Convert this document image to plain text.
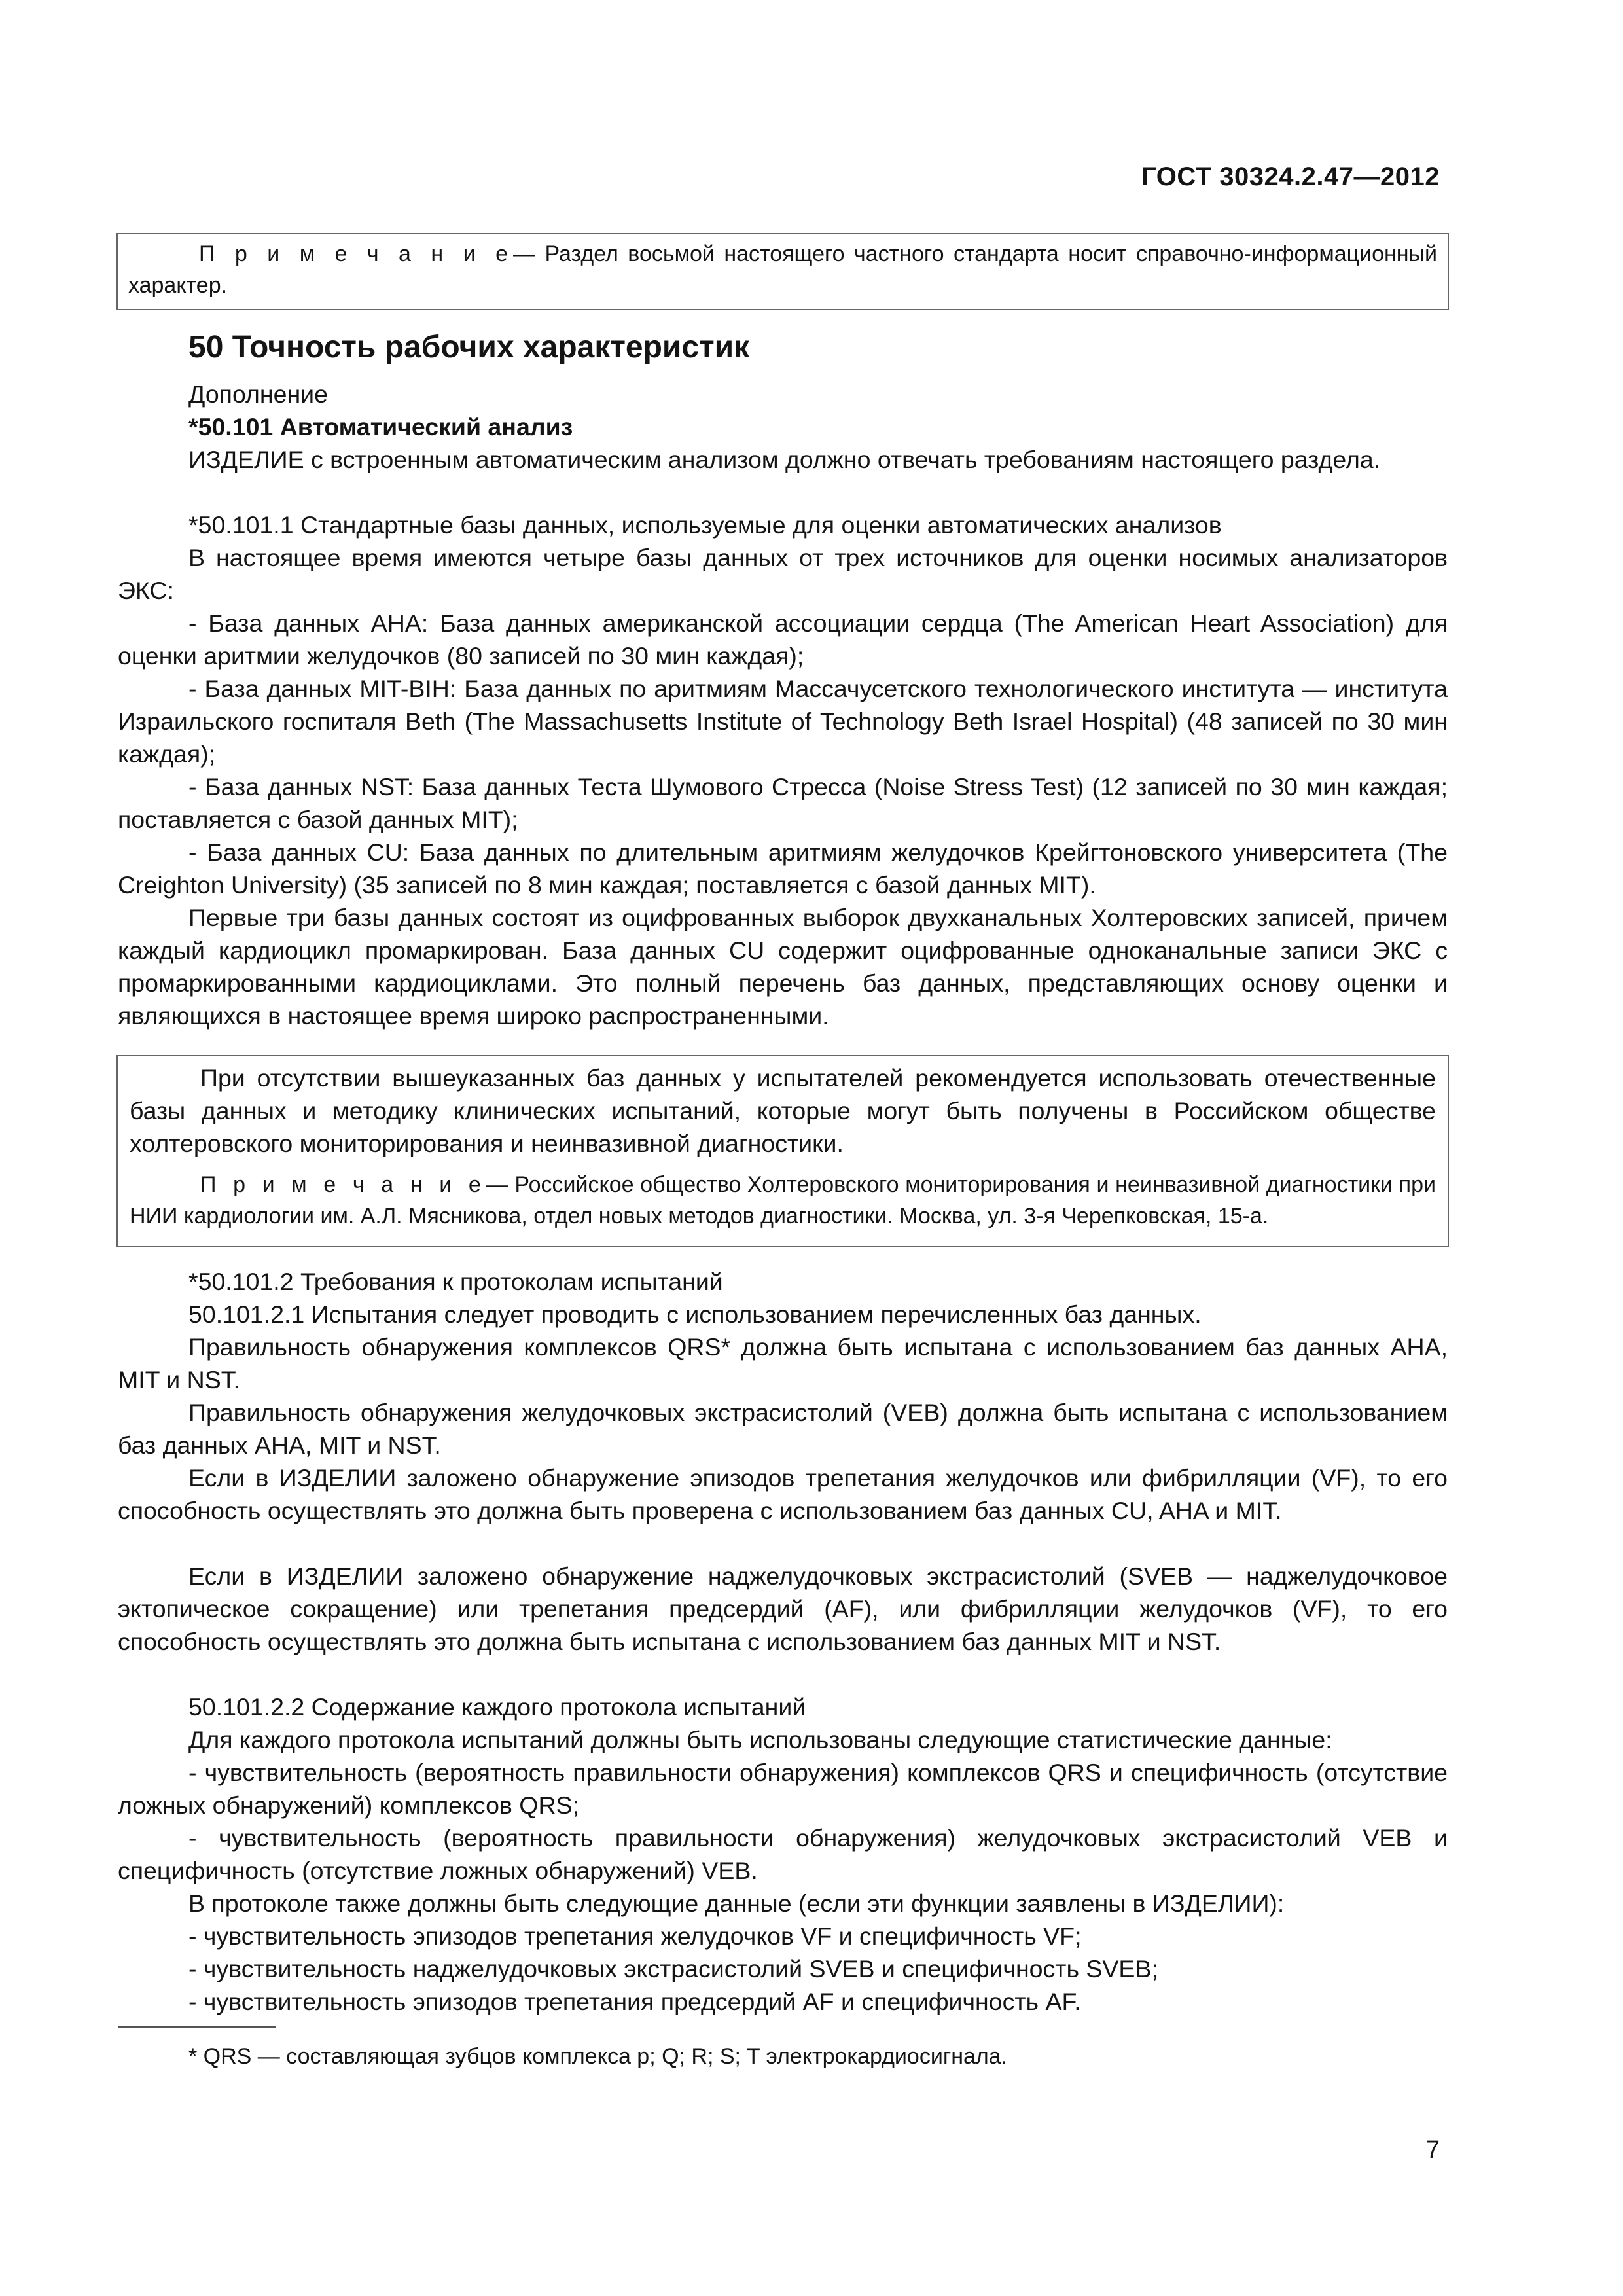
ГОСТ 30324.2.47—2012

П р и м е ч а н и е— Раздел восьмой настоящего частного стандарта носит справочно-информационный характер.

50 Точность рабочих характеристик

Дополнение

*50.101 Автоматический анализ

ИЗДЕЛИЕ с встроенным автоматическим анализом должно отвечать требованиям настоящего раздела.

*50.101.1 Стандартные базы данных, используемые для оценки автоматических анализов

В настоящее время имеются четыре базы данных от трех источников для оценки носимых анализаторов ЭКС:

- База данных AHA: База данных американской ассоциации сердца (The American Heart Association) для оценки аритмии желудочков (80 записей по 30 мин каждая);

- База данных MIT-BIH: База данных по аритмиям Массачусетского технологического института — института Израильского госпиталя Beth (The Massachusetts Institute of Technology Beth Israel Hospital) (48 записей по 30 мин каждая);

- База данных NST: База данных Теста Шумового Стресса (Noise Stress Test) (12 записей по 30 мин каждая; поставляется с базой данных MIT);

- База данных CU: База данных по длительным аритмиям желудочков Крейгтоновского университета (The Creighton University) (35 записей по 8 мин каждая; поставляется с базой данных MIT).

Первые три базы данных состоят из оцифрованных выборок двухканальных Холтеровских записей, причем каждый кардиоцикл промаркирован. База данных CU содержит оцифрованные одноканальные записи ЭКС с промаркированными кардиоциклами. Это полный перечень баз данных, представляющих основу оценки и являющихся в настоящее время широко распространенными.

При отсутствии вышеуказанных баз данных у испытателей рекомендуется использовать отечественные базы данных и методику клинических испытаний, которые могут быть получены в Российском обществе холтеровского мониторирования и неинвазивной диагностики.

П р и м е ч а н и е— Российское общество Холтеровского мониторирования и неинвазивной диагностики при НИИ кардиологии им. А.Л. Мясникова, отдел новых методов диагностики. Москва, ул. 3-я Черепковская, 15-а.

*50.101.2 Требования к протоколам испытаний

50.101.2.1 Испытания следует проводить с использованием перечисленных баз данных.

Правильность обнаружения комплексов QRS* должна быть испытана с использованием баз данных AHA, MIT и NST.

Правильность обнаружения желудочковых экстрасистолий (VEB) должна быть испытана с использованием баз данных AHA, MIT и NST.

Если в ИЗДЕЛИИ заложено обнаружение эпизодов трепетания желудочков или фибрилляции (VF), то его способность осуществлять это должна быть проверена с использованием баз данных CU, AHA и MIT.

Если в ИЗДЕЛИИ заложено обнаружение наджелудочковых экстрасистолий (SVEB — наджелудочковое эктопическое сокращение) или трепетания предсердий (AF), или фибрилляции желудочков (VF), то его способность осуществлять это должна быть испытана с использованием баз данных MIT и NST.

50.101.2.2 Содержание каждого протокола испытаний

Для каждого протокола испытаний должны быть использованы следующие статистические данные:

- чувствительность (вероятность правильности обнаружения) комплексов QRS и специфичность (отсутствие ложных обнаружений) комплексов QRS;

- чувствительность (вероятность правильности обнаружения) желудочковых экстрасистолий VEB и специфичность (отсутствие ложных обнаружений) VEB.

В протоколе также должны быть следующие данные (если эти функции заявлены в ИЗДЕЛИИ):

- чувствительность эпизодов трепетания желудочков VF и специфичность VF;

- чувствительность наджелудочковых экстрасистолий SVEB и специфичность SVEB;

- чувствительность эпизодов трепетания предсердий AF и специфичность AF.

* QRS — составляющая зубцов комплекса p; Q; R; S; T электрокардиосигнала.

7
